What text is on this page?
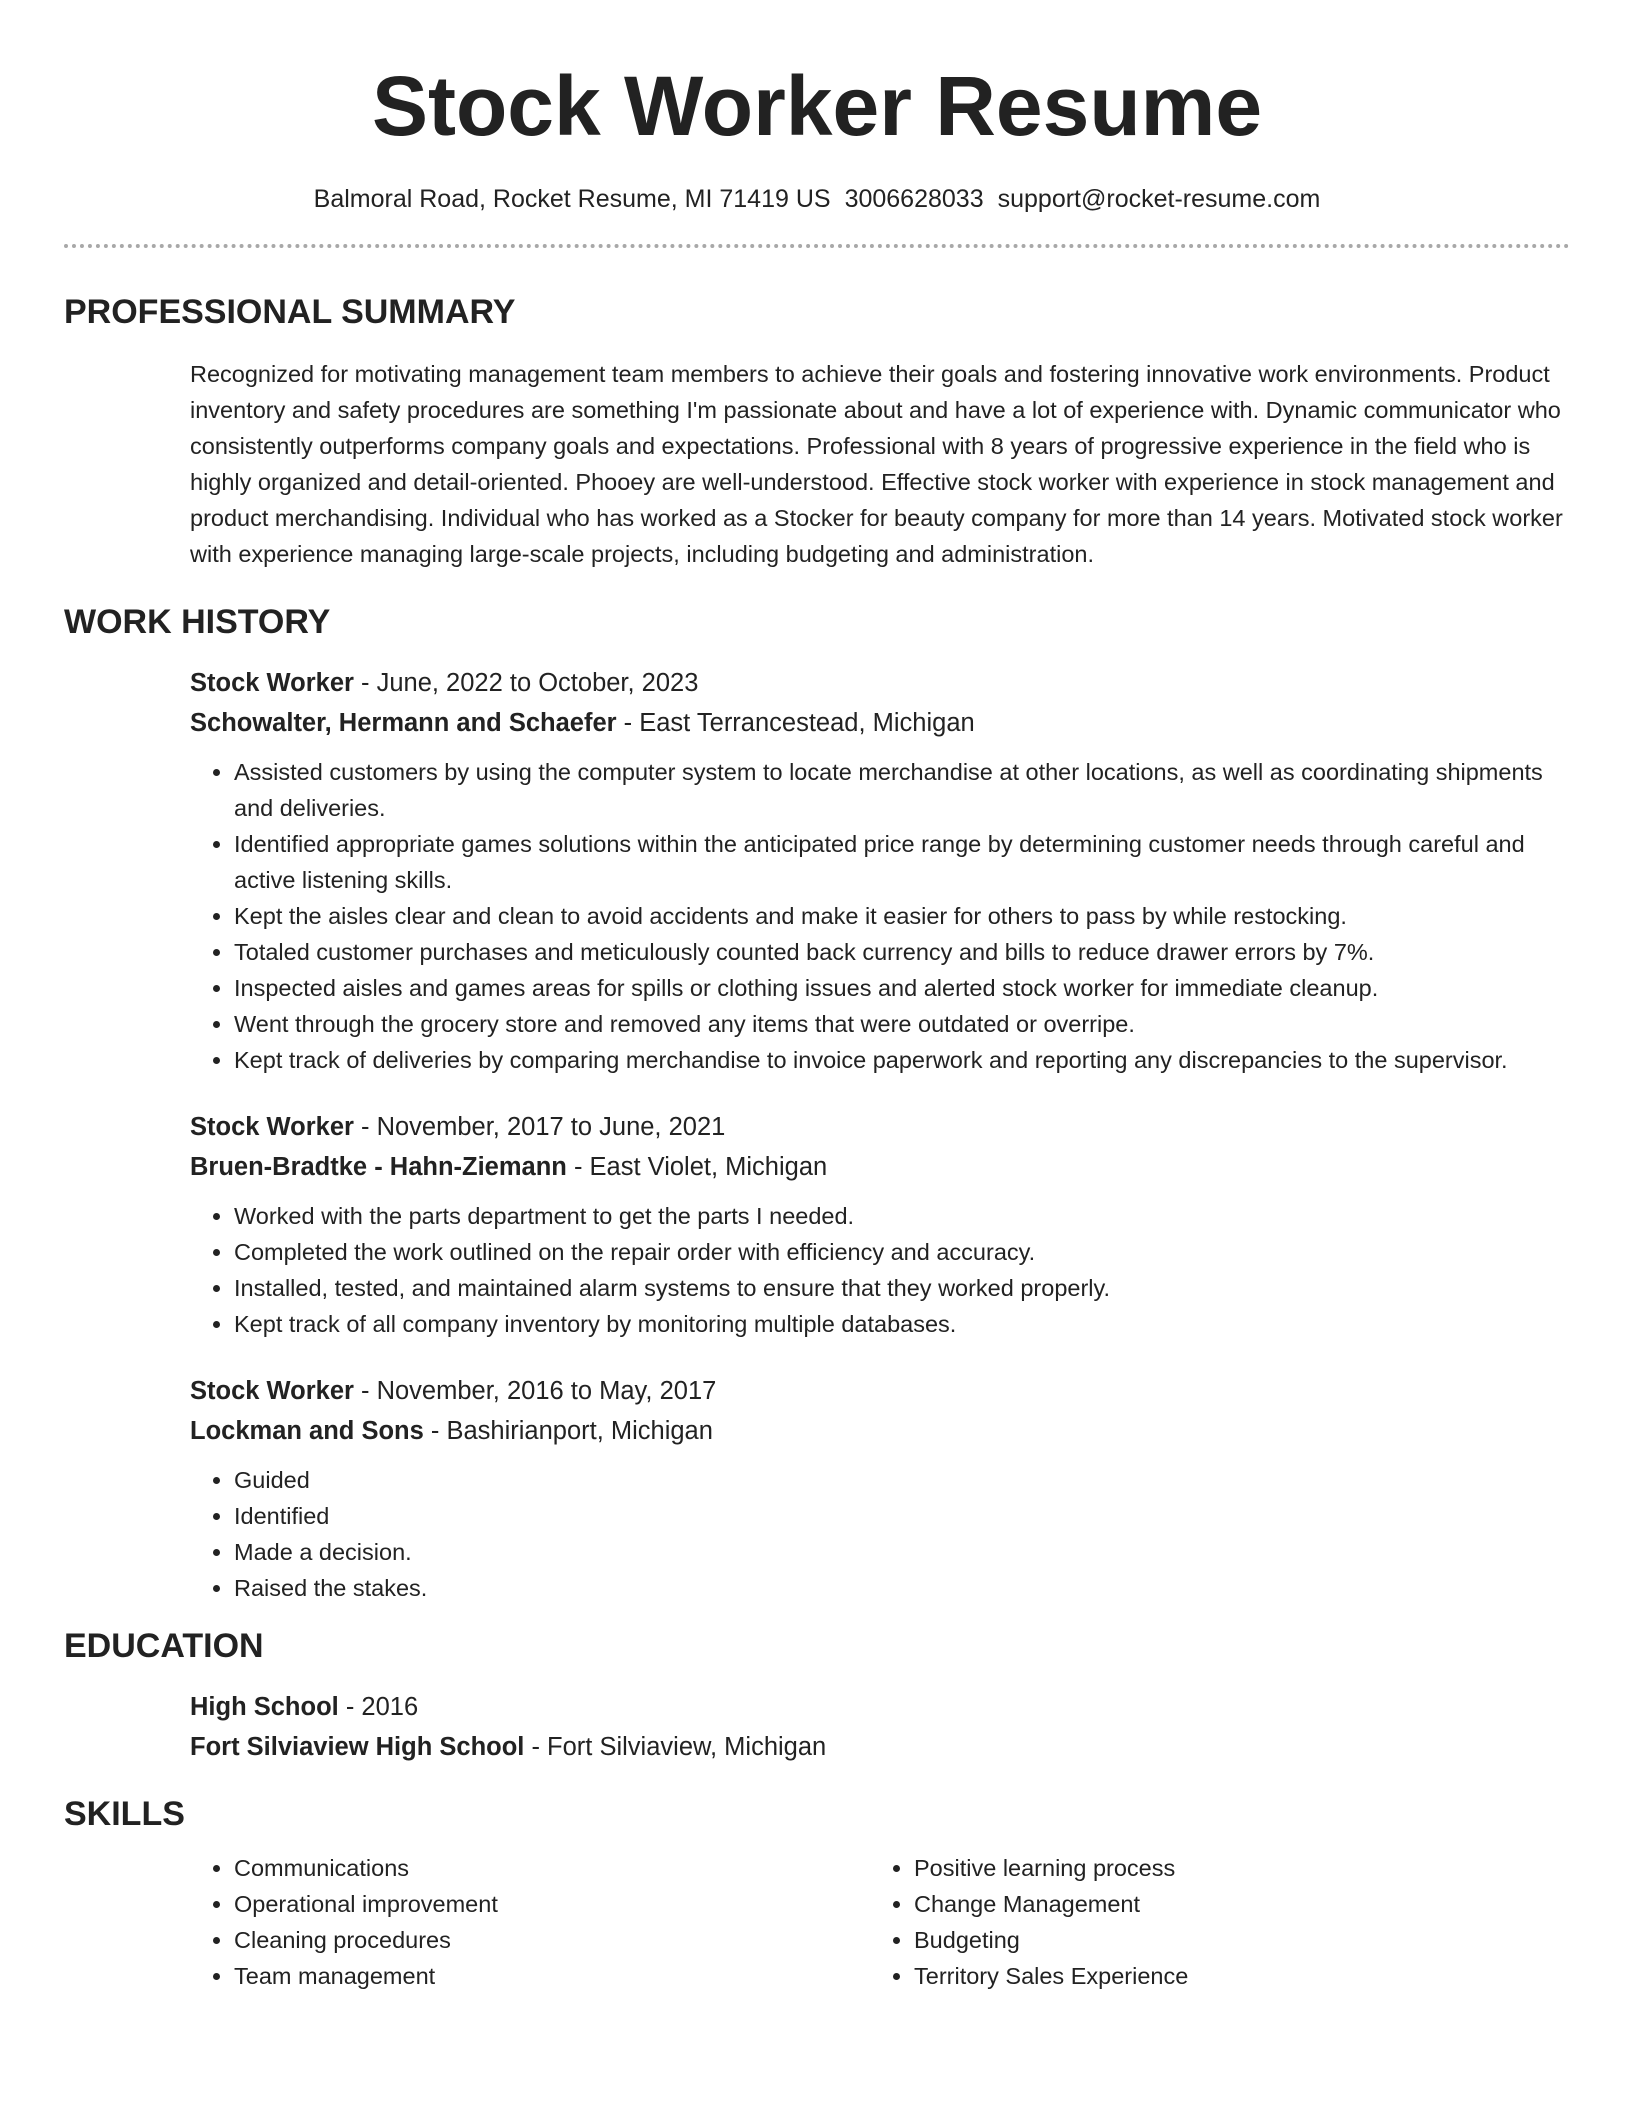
Stock Worker Resume
Balmoral Road, Rocket Resume, MI 71419 US 3006628033 support@rocket-resume.com
PROFESSIONAL SUMMARY

Recognized for motivating management team members to achieve their goals and fostering innovative work environments. Product inventory and safety procedures are something I'm passionate about and have a lot of experience with. Dynamic communicator who consistently outperforms company goals and expectations. Professional with 8 years of progressive experience in the field who is highly organized and detail-oriented. Phooey are well-understood. Effective stock worker with experience in stock management and product merchandising. Individual who has worked as a Stocker for beauty company for more than 14 years. Motivated stock worker with experience managing large-scale projects, including budgeting and administration.

WORK HISTORY
Stock Worker - June, 2022 to October, 2023
Schowalter, Hermann and Schaefer - East Terrancestead, Michigan
• Assisted customers by using the computer system to locate merchandise at other locations, as well as coordinating shipments and deliveries.
• Identified appropriate games solutions within the anticipated price range by determining customer needs through careful and active listening skills.
• Kept the aisles clear and clean to avoid accidents and make it easier for others to pass by while restocking.
• Totaled customer purchases and meticulously counted back currency and bills to reduce drawer errors by 7%.
• Inspected aisles and games areas for spills or clothing issues and alerted stock worker for immediate cleanup.
• Went through the grocery store and removed any items that were outdated or overripe.
• Kept track of deliveries by comparing merchandise to invoice paperwork and reporting any discrepancies to the supervisor.
Stock Worker - November, 2017 to June, 2021
Bruen-Bradtke - Hahn-Ziemann - East Violet, Michigan
• Worked with the parts department to get the parts I needed.
• Completed the work outlined on the repair order with efficiency and accuracy.
• Installed, tested, and maintained alarm systems to ensure that they worked properly.
• Kept track of all company inventory by monitoring multiple databases.
Stock Worker - November, 2016 to May, 2017
Lockman and Sons - Bashirianport, Michigan
• Guided
• Identified
• Made a decision.
• Raised the stakes.
EDUCATION
High School - 2016
Fort Silviaview High School - Fort Silviaview, Michigan
SKILLS
• Communications
• Operational improvement
• Cleaning procedures
• Team management
• Positive learning process
• Change Management
• Budgeting
• Territory Sales Experience
